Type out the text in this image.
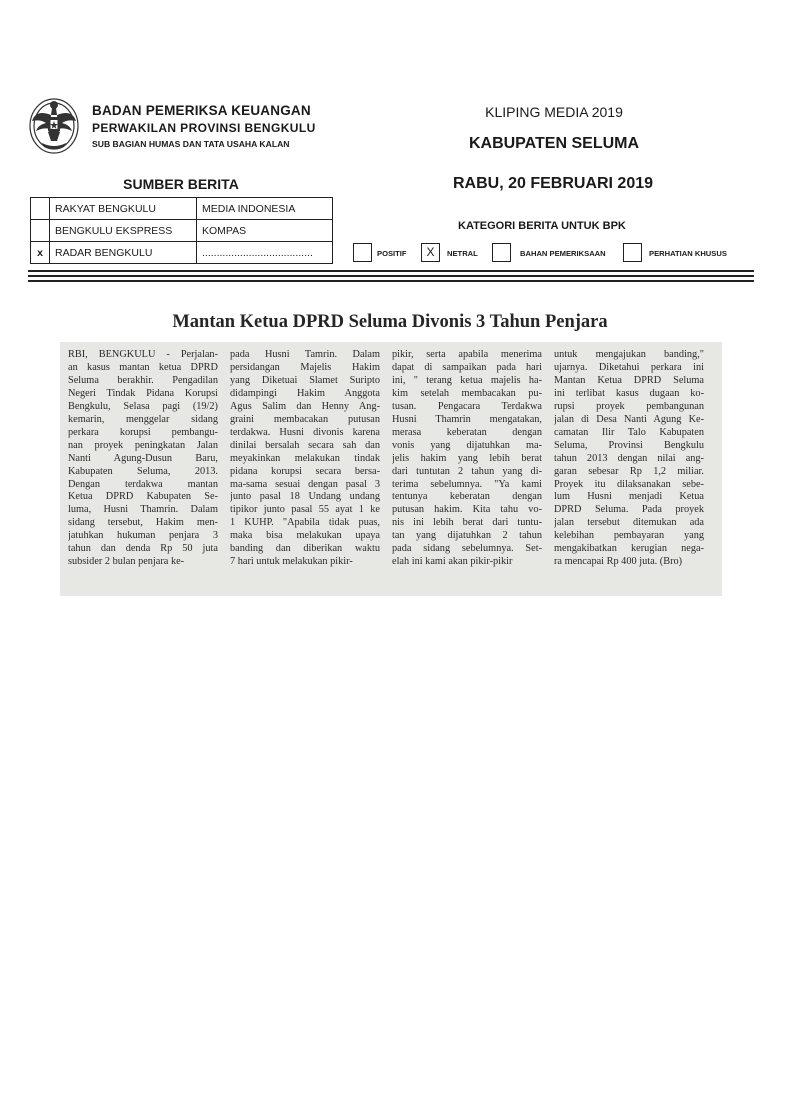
BADAN PEMERIKSA KEUANGAN
PERWAKILAN PROVINSI BENGKULU
SUB BAGIAN HUMAS DAN TATA USAHA KALAN
KLIPING MEDIA 2019
KABUPATEN SELUMA
RABU, 20 FEBRUARI 2019
SUMBER BERITA
	RAKYAT BENGKULU	MEDIA INDONESIA
	BENGKULU EKSPRESS	KOMPAS
x	RADAR BENGKULU	......................................
KATEGORI BERITA UNTUK BPK
POSITIF	X	NETRAL	BAHAN PEMERIKSAAN	PERHATIAN KHUSUS
Mantan Ketua DPRD Seluma Divonis 3 Tahun Penjara
RBI, BENGKULU - Perjalan-
an kasus mantan ketua DPRD
Seluma berakhir. Pengadilan
Negeri Tindak Pidana Korupsi
Bengkulu, Selasa pagi (19/2)
kemarin, menggelar sidang
perkara korupsi pembangu-
nan proyek peningkatan Jalan
Nanti Agung-Dusun Baru,
Kabupaten Seluma, 2013.
Dengan terdakwa mantan
Ketua DPRD Kabupaten Se-
luma, Husni Thamrin. Dalam
sidang tersebut, Hakim men-
jatuhkan hukuman penjara 3
tahun dan denda Rp 50 juta
subsider 2 bulan penjara ke-
pada Husni Tamrin. Dalam
persidangan Majelis Hakim
yang Diketuai Slamet Suripto
didampingi Hakim Anggota
Agus Salim dan Henny Ang-
graini membacakan putusan
terdakwa. Husni divonis karena
dinilai bersalah secara sah dan
meyakinkan melakukan tindak
pidana korupsi secara bersa-
ma-sama sesuai dengan pasal 3
junto pasal 18 Undang undang
tipikor junto pasal 55 ayat 1 ke
1 KUHP. "Apabila tidak puas,
maka bisa melakukan upaya
banding dan diberikan waktu
7 hari untuk melakukan pikir-
pikir, serta apabila menerima
dapat di sampaikan pada hari
ini, " terang ketua majelis ha-
kim setelah membacakan pu-
tusan. Pengacara Terdakwa
Husni Thamrin mengatakan,
merasa keberatan dengan
vonis yang dijatuhkan ma-
jelis hakim yang lebih berat
dari tuntutan 2 tahun yang di-
terima sebelumnya. "Ya kami
tentunya keberatan dengan
putusan hakim. Kita tahu vo-
nis ini lebih berat dari tuntu-
tan yang dijatuhkan 2 tahun
pada sidang sebelumnya. Set-
elah ini kami akan pikir-pikir
untuk mengajukan banding,"
ujarnya. Diketahui perkara ini
Mantan Ketua DPRD Seluma
ini terlibat kasus dugaan ko-
rupsi proyek pembangunan
jalan di Desa Nanti Agung Ke-
camatan Ilir Talo Kabupaten
Seluma, Provinsi Bengkulu
tahun 2013 dengan nilai ang-
garan sebesar Rp 1,2 miliar.
Proyek itu dilaksanakan sebe-
lum Husni menjadi Ketua
DPRD Seluma. Pada proyek
jalan tersebut ditemukan ada
kelebihan pembayaran yang
mengakibatkan kerugian nega-
ra mencapai Rp 400 juta. (Bro)
